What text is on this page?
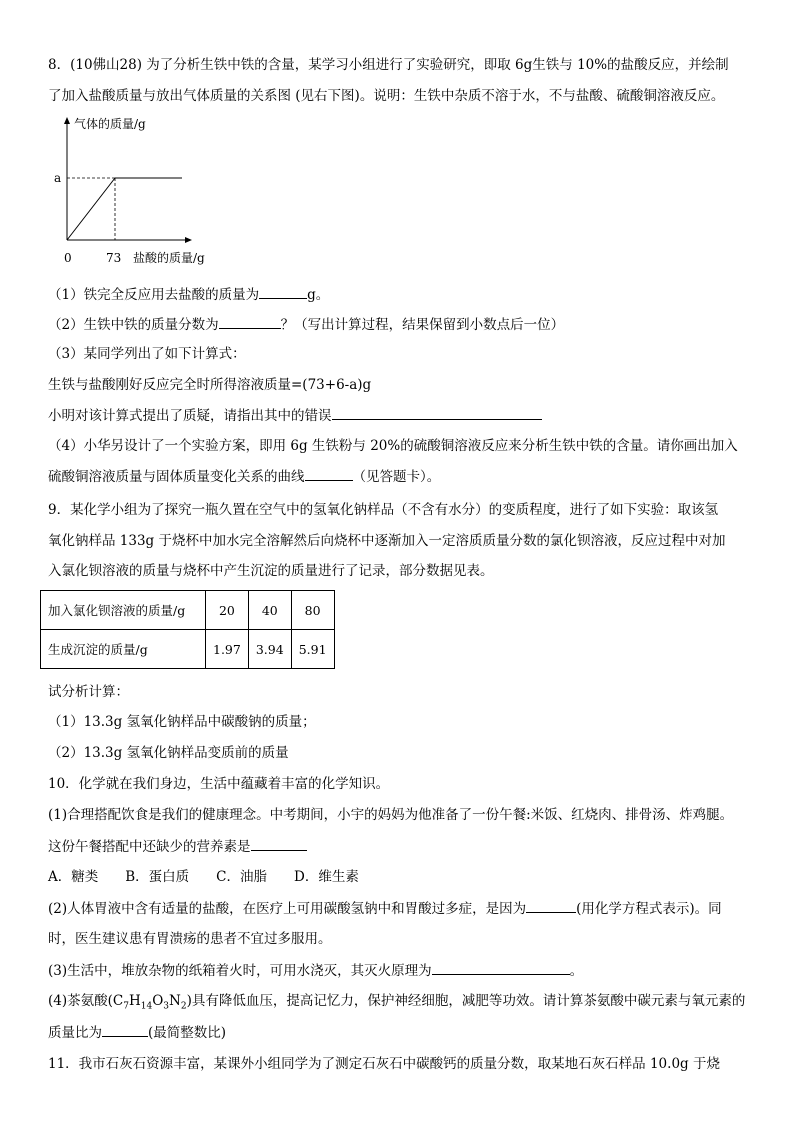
8．(10佛山28) 为了分析生铁中铁的含量，某学习小组进行了实验研究，即取 6g生铁与 10%的盐酸反应，并绘制
了加入盐酸质量与放出气体质量的关系图 (见右下图)。说明：生铁中杂质不溶于水，不与盐酸、硫酸铜溶液反应。
气体的质量/g
a
0	73 盐酸的质量/g
（1）铁完全反应用去盐酸的质量为	g。
（2）生铁中铁的质量分数为	？（写出计算过程，结果保留到小数点后一位）
（3）某同学列出了如下计算式：
生铁与盐酸刚好反应完全时所得溶液质量=(73+6-a)g
小明对该计算式提出了质疑，请指出其中的错误
（4）小华另设计了一个实验方案，即用 6g 生铁粉与 20%的硫酸铜溶液反应来分析生铁中铁的含量。请你画出加入
硫酸铜溶液质量与固体质量变化关系的曲线	（见答题卡）。
9．某化学小组为了探究一瓶久置在空气中的氢氧化钠样品（不含有水分）的变质程度，进行了如下实验：取该氢
氧化钠样品 133g 于烧杯中加水完全溶解然后向烧杯中逐渐加入一定溶质质量分数的氯化钡溶液，反应过程中对加
入氯化钡溶液的质量与烧杯中产生沉淀的质量进行了记录，部分数据见表。
加入氯化钡溶液的质量/g	20	40	80
生成沉淀的质量/g	1.97	3.94	5.91
试分析计算：
（1）13.3g 氢氧化钠样品中碳酸钠的质量；
（2）13.3g 氢氧化钠样品变质前的质量
10．化学就在我们身边，生活中蕴藏着丰富的化学知识。
(1)合理搭配饮食是我们的健康理念。中考期间，小宇的妈妈为他准备了一份午餐:米饭、红烧肉、排骨汤、炸鸡腿。
这份午餐搭配中还缺少的营养素是
A．糖类　　B．蛋白质　　C．油脂　　D．维生素
(2)人体胃液中含有适量的盐酸，在医疗上可用碳酸氢钠中和胃酸过多症，是因为	(用化学方程式表示)。同
时，医生建议患有胃溃疡的患者不宜过多服用。
(3)生活中，堆放杂物的纸箱着火时，可用水浇灭，其灭火原理为	。
(4)茶氨酸$(C_7H_{14}O_3N_2)$具有降低血压，提高记忆力，保护神经细胞，减肥等功效。请计算茶氨酸中碳元素与氧元素的
质量比为	(最简整数比)
11．我市石灰石资源丰富，某课外小组同学为了测定石灰石中碳酸钙的质量分数，取某地石灰石样品 10.0g 于烧
